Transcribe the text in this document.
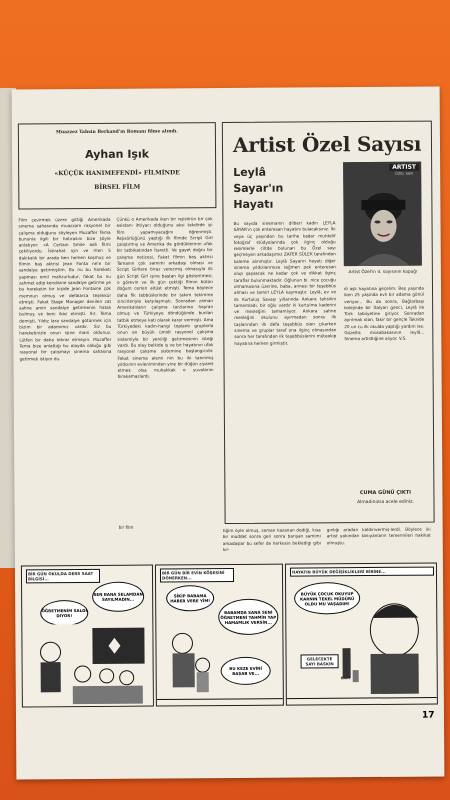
Muazzez Tahsin Berkand'ın Romanı filme alındı.
Ayhan Işık
«KÜÇÜK HANIMEFENDİ» FİLMİNDE
BİRSEL FİLM
Film çevirmek üzere gittiği Amerikada sinema sahasında muazzam rasyonel bir çalışma olduğunu söyleyen Muzaffer Tema bununla ilgili bir hatırasını bize şöyle anlatıyor: «A Certain Smile adlı filmi çekiliyordu. İstirahat için ve rilen 5 dakikalık bir arada ben hemen koşmuş ve filmin baş aktrisi Jean Fonta ne'e bir sandalye getirmiştim. Bu nu bu hareketi yapması emil mahzurludur, fakat bu nu zahmet edip kendisine sandalye getirme ye bu hareketin bir kişide Jean Fontaine çok memnun olmuş ve defalarca teşekkür etmişti. Fakat Stage Manager denilen zat sahne amiri sandalye getirmenin hatalı bulmuş ve beni ikaz etmişti. Sir, Tema demişti, Yıldız lara sandalye götürmek için bizim bir adamımız vardır. Siz bu hareketinizle onun işine mani oldunuz. Lütfen bir daha tekrar etmeyin. Muzaffer Tema bize anlattığı bu olayda olduğu gibi rasyonel bir çalışmayı sinema sahasına getirmek istiyor du.
Çünkü o Amerikada iken bir rejisörün bir çok asistanı ihtiyacı olduğunu aksi takdirde iyi film yapamıyacağını öğrenmişti. Rejisörlüğünü yaptığı ilk filmde Script Girl çalıştırmış ve Amerika da gördüklerinin ufak bir tatbikatından İtaretti. Ve gayet doğru bir çalışma neticesi, Fakat filmin baş aktrisi Tamanın çok samimi arkadaşı olması ve Script Girllere biraz verecmiş olmasıyla ilk gün Script Girl işine baştan ilgi gösterilmesi, o görevin ve ilk gün çektiği filmin bütün doğum cerleri altüst etmişti. Tema böylece daha fik tebbüslerinde bir takım tekimme zincirleriyle karşılaşmıştı. Sonradan zaman Amerikalıların çalışma tarzlarına hayran olmuş ve Türkiyeye döndüğünde bunları tatbik etmeye kati olarak karar vermişti. Ama Türkiyedeki kadın-hangi toplantı gruplarla onun en büyük ümidi rasyonel çalışma sistemiyle bir yeniliği getirmesinin isteği vardı. Bu olay belkide iş ve bir hayatının ufak rasyonel çalışma sistemine başlangıcıdır. Fakat sinema alemi nin bu iki tanınmış yıldızının evleniminden yine bir düğün ziyaret etmek olsa muhakkak o yuvalarını bırakamazlardı.
bir film
Artist Özel Sayısı
Leylâ
Sayar'ın
Hayatı
ARTIST
ÖZEL SAYI
Artist Özel'in 4. sayısının kapağı
Bu sayıda sinemanın dilberi kadın LEYLA SAYAR'ın çok enteresan hayatını bulacaksınız. İki veya üç yaşından bu tarihe kadar muhtelif fotoğraf stüdyolarında çok ilginç olduğu resimlerle ciltde bulunan bu Özel sayı geçmeyen arkadaşımız ZAFER SÜLEK tarafından kaleme alınmıştır. Leylâ Sayarın hayatı diğer sinema yıldızlarımıza rağmen pek enteresan olup şaşılacak ne kadar çok ve dikkat ilginç taraflar bulunmaktadır. Oğlunun bi. nice çocuğu olmamasına üzerine, baba, annesi bir teşebbüs alması ve tamirl LEYLA kaymaştır. Leylâ, ev ve ilk Kurtuluş Savaşı yıllarında Ankara tahsilini tamamladı, bir oğlu vardır ki kurtulma kaderini ve mesleğini tamamlıyor. Ankara sahne mesleğini okulunu ayırmadan sonra ilk taşlarından ilk defa teşebbüs olan çıkarken sinema ve gruplar taraf ona ilginç olmasından sonra her tarafından ilk teşebbüslerini müteakip hayatına hemen girmiştir.
di aşk hayatına geçelim: Beş yaşında iken 25 yaşında evli bir adama gönül veriyor... Bu da sonra, Bağlarbaşı kolejinde bir İtalyan genci, Leylâ ile Türk tabiiyetine giriyor. Sonradan ayrılmak olan, fakir bir gençle Takside 20 un cu ilk okulda yaptığı yardım ise. Güzellik müsabakasının leylâ... Sinema artistliğine alıyor. V.S.
CUMA GÜNÜ ÇIKTI
Almadınızsa acele ediniz.
tiğim öyle olmuş, zaman kazanan dediği, kısa bir müddet sonra geri sonra barışan samimi arkadaşlar bu sefer de herkesin bekledigi gibi kır-
gınlığı aradan kaldırıvermiş-lerdi. Böylece iki artist yakından tanıyanların temennileri hakikat olmuştu.
BİR GÜN OKULDA DERS SAAT BİLGİSİ...
SEN BANA SELAMDAN SAYILMADIN...
ÖĞRETMENİM SALDI DIYOR!
BİR GÜN BİR EVİN KÖŞESİNİ DÖNERKEN...
ŞİKİP BABAMA HABER VERE YİM!
BABAMDA SANA SENİ ÖĞRETMENİ TAHMİN YAP HAMAMLIK VERSİN...
BU KEZE EVİNİ BAŞAB VE...
HAYATIN BÜYÜK DEĞİŞİKLİKLERİ BİRİNE...
BÜYÜK ÇOCUK OKUYUP KARNIN TEKEL MÜDÜRÜ OLDU MU VAŞADIM!
GELECEKTE SAYI BASKIN
RAKI
17
